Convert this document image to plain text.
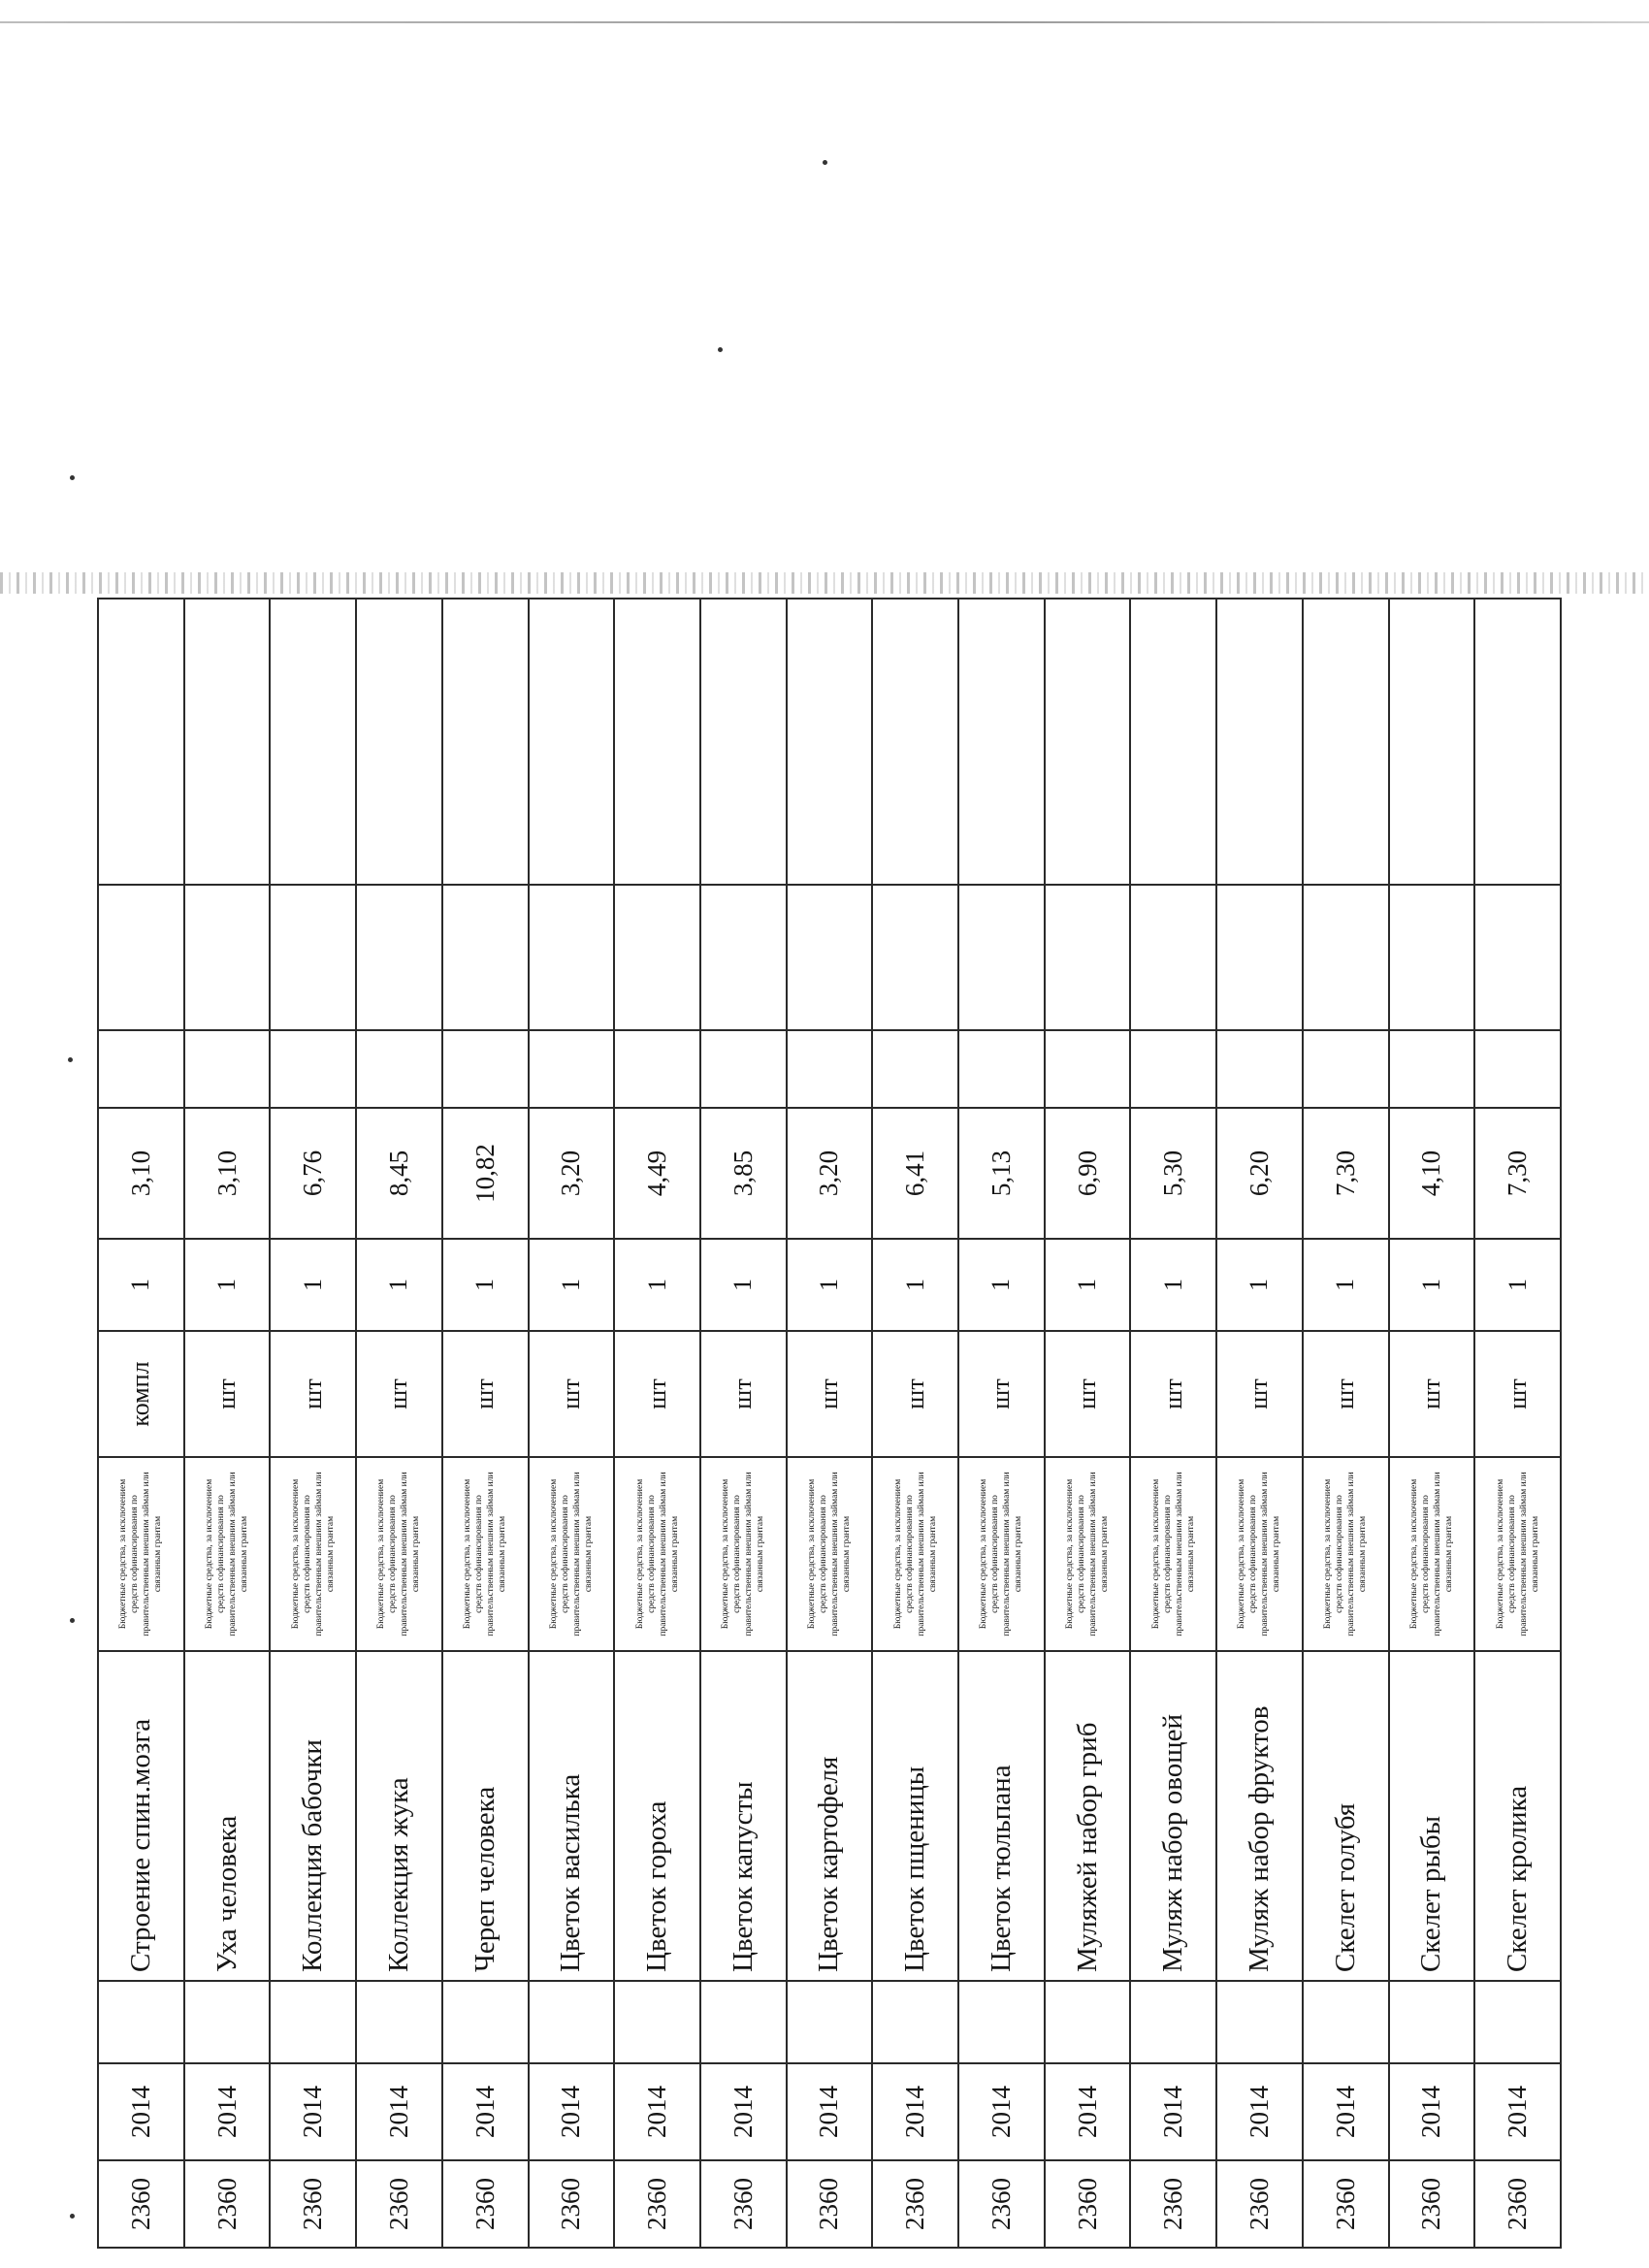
2360	2014		Строение спин.мозга	Бюджетные средства, за исключением средств софинансирования по правительственным внешним займам или связанным грантам	компл	1	3,10			
2360	2014		Уха человека	Бюджетные средства, за исключением средств софинансирования по правительственным внешним займам или связанным грантам	шт	1	3,10			
2360	2014		Коллекция бабочки	Бюджетные средства, за исключением средств софинансирования по правительственным внешним займам или связанным грантам	шт	1	6,76			
2360	2014		Коллекция жука	Бюджетные средства, за исключением средств софинансирования по правительственным внешним займам или связанным грантам	шт	1	8,45			
2360	2014		Череп человека	Бюджетные средства, за исключением средств софинансирования по правительственным внешним займам или связанным грантам	шт	1	10,82			
2360	2014		Цветок василька	Бюджетные средства, за исключением средств софинансирования по правительственным внешним займам или связанным грантам	шт	1	3,20			
2360	2014		Цветок гороха	Бюджетные средства, за исключением средств софинансирования по правительственным внешним займам или связанным грантам	шт	1	4,49			
2360	2014		Цветок капусты	Бюджетные средства, за исключением средств софинансирования по правительственным внешним займам или связанным грантам	шт	1	3,85			
2360	2014		Цветок картофеля	Бюджетные средства, за исключением средств софинансирования по правительственным внешним займам или связанным грантам	шт	1	3,20			
2360	2014		Цветок пщеницы	Бюджетные средства, за исключением средств софинансирования по правительственным внешним займам или связанным грантам	шт	1	6,41			
2360	2014		Цветок тюльпана	Бюджетные средства, за исключением средств софинансирования по правительственным внешним займам или связанным грантам	шт	1	5,13			
2360	2014		Муляжей набор гриб	Бюджетные средства, за исключением средств софинансирования по правительственным внешним займам или связанным грантам	шт	1	6,90			
2360	2014		Муляж набор овощей	Бюджетные средства, за исключением средств софинансирования по правительственным внешним займам или связанным грантам	шт	1	5,30			
2360	2014		Муляж набор фруктов	Бюджетные средства, за исключением средств софинансирования по правительственным внешним займам или связанным грантам	шт	1	6,20			
2360	2014		Скелет голубя	Бюджетные средства, за исключением средств софинансирования по правительственным внешним займам или связанным грантам	шт	1	7,30			
2360	2014		Скелет рыбы	Бюджетные средства, за исключением средств софинансирования по правительственным внешним займам или связанным грантам	шт	1	4,10			
2360	2014		Скелет кролика	Бюджетные средства, за исключением средств софинансирования по правительственным внешним займам или связанным грантам	шт	1	7,30			
